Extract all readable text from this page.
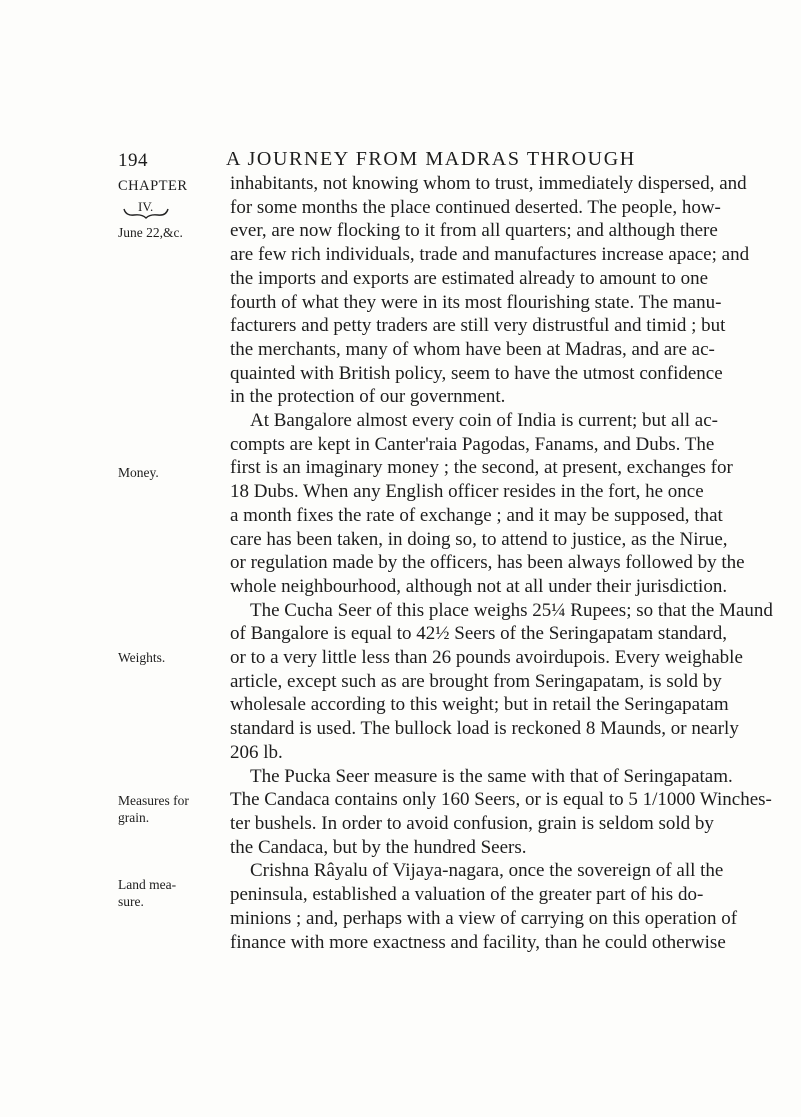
194	A JOURNEY FROM MADRAS THROUGH
CHAPTER
IV.
June 22,&c.
Money.
Weights.
Measures for
grain.
Land mea-
sure.
inhabitants, not knowing whom to trust, immediately dispersed, and
for some months the place continued deserted. The people, how-
ever, are now flocking to it from all quarters; and although there
are few rich individuals, trade and manufactures increase apace; and
the imports and exports are estimated already to amount to one
fourth of what they were in its most flourishing state. The manu-
facturers and petty traders are still very distrustful and timid ; but
the merchants, many of whom have been at Madras, and are ac-
quainted with British policy, seem to have the utmost confidence
in the protection of our government.
At Bangalore almost every coin of India is current; but all ac-
compts are kept in Canter'raia Pagodas, Fanams, and Dubs. The
first is an imaginary money ; the second, at present, exchanges for
18 Dubs. When any English officer resides in the fort, he once
a month fixes the rate of exchange ; and it may be supposed, that
care has been taken, in doing so, to attend to justice, as the Nirue,
or regulation made by the officers, has been always followed by the
whole neighbourhood, although not at all under their jurisdiction.
The Cucha Seer of this place weighs 25¼ Rupees; so that the Maund
of Bangalore is equal to 42½ Seers of the Seringapatam standard,
or to a very little less than 26 pounds avoirdupois. Every weighable
article, except such as are brought from Seringapatam, is sold by
wholesale according to this weight; but in retail the Seringapatam
standard is used. The bullock load is reckoned 8 Maunds, or nearly
206 lb.
The Pucka Seer measure is the same with that of Seringapatam.
The Candaca contains only 160 Seers, or is equal to 5 1/1000 Winches-
ter bushels. In order to avoid confusion, grain is seldom sold by
the Candaca, but by the hundred Seers.
Crishna Râyalu of Vijaya-nagara, once the sovereign of all the
peninsula, established a valuation of the greater part of his do-
minions ; and, perhaps with a view of carrying on this operation of
finance with more exactness and facility, than he could otherwise
